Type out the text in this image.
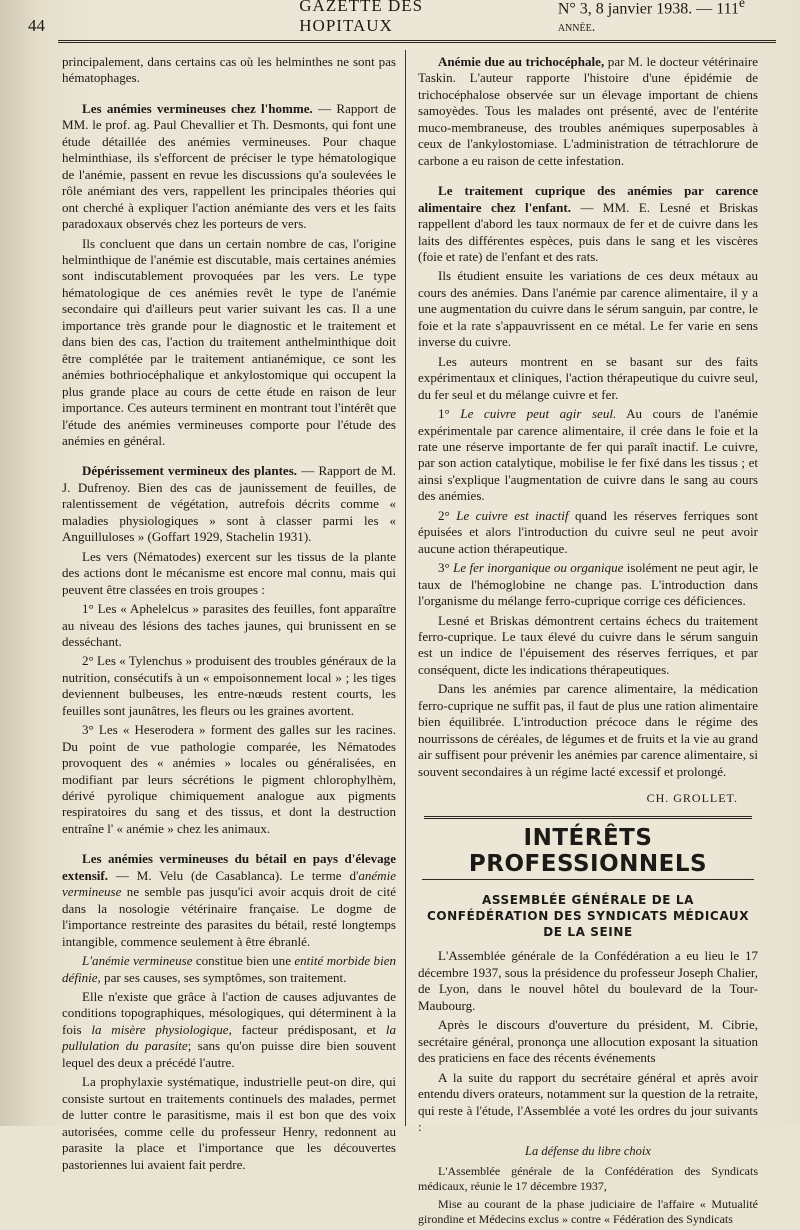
44
GAZETTE DES HOPITAUX
N° 3, 8 janvier 1938. — 111e année.

principalement, dans certains cas où les helminthes ne sont pas hématophages.

Les anémies vermineuses chez l'homme. — Rapport de MM. le prof. ag. Paul Chevallier et Th. Desmonts, qui font une étude détaillée des anémies vermineuses. Pour chaque helminthiase, ils s'efforcent de préciser le type hématologique de l'anémie, passent en revue les discussions qu'a soulevées le rôle anémiant des vers, rappellent les principales théories qui ont cherché à expliquer l'action anémiante des vers et les faits paradoxaux observés chez les porteurs de vers.

Ils concluent que dans un certain nombre de cas, l'origine helminthique de l'anémie est discutable, mais certaines anémies sont indiscutablement provoquées par les vers. Le type hématologique de ces anémies revêt le type de l'anémie secondaire qui d'ailleurs peut varier suivant les cas. Il a une importance très grande pour le diagnostic et le traitement et dans bien des cas, l'action du traitement anthelminthique doit être complétée par le traitement antianémique, ce sont les anémies bothriocéphalique et ankylostomique qui occupent la plus grande place au cours de cette étude en raison de leur importance. Ces auteurs terminent en montrant tout l'intérêt que l'étude des anémies vermineuses comporte pour l'étude des anémies en général.

Dépérissement vermineux des plantes. — Rapport de M. J. Dufrenoy. Bien des cas de jaunissement de feuilles, de ralentissement de végétation, autrefois décrits comme « maladies physiologiques » sont à classer parmi les « Anguilluloses » (Goffart 1929, Stachelin 1931).

Les vers (Nématodes) exercent sur les tissus de la plante des actions dont le mécanisme est encore mal connu, mais qui peuvent être classées en trois groupes :

1° Les « Aphelelcus » parasites des feuilles, font apparaître au niveau des lésions des taches jaunes, qui brunissent en se desséchant.

2° Les « Tylenchus » produisent des troubles généraux de la nutrition, consécutifs à un « empoisonnement local » ; les tiges deviennent bulbeuses, les entre-nœuds restent courts, les feuilles sont jaunâtres, les fleurs ou les graines avortent.

3° Les « Heserodera » forment des galles sur les racines. Du point de vue pathologie comparée, les Nématodes provoquent des « anémies » locales ou généralisées, en modifiant par leurs sécrétions le pigment chlorophylhèm, dérivé pyrolique chimiquement analogue aux pigments respiratoires du sang et des tissus, et dont la destruction entraîne l' « anémie » chez les animaux.

Les anémies vermineuses du bétail en pays d'élevage extensif. — M. Velu (de Casablanca). Le terme d'anémie vermineuse ne semble pas jusqu'ici avoir acquis droit de cité dans la nosologie vétérinaire française. Le dogme de l'importance restreinte des parasites du bétail, resté longtemps intangible, commence seulement à être ébranlé.

L'anémie vermineuse constitue bien une entité morbide bien définie, par ses causes, ses symptômes, son traitement.

Elle n'existe que grâce à l'action de causes adjuvantes de conditions topographiques, mésologiques, qui déterminent à la fois la misère physiologique, facteur prédisposant, et la pullulation du parasite; sans qu'on puisse dire bien souvent lequel des deux a précédé l'autre.

La prophylaxie systématique, industrielle peut-on dire, qui consiste surtout en traitements continuels des malades, permet de lutter contre le parasitisme, mais il est bon que des voix autorisées, comme celle du professeur Henry, redonnent au parasite la place et l'importance que les découvertes pastoriennes lui avaient fait perdre.

Anémie due au trichocéphale, par M. le docteur vétérinaire Taskin. L'auteur rapporte l'histoire d'une épidémie de trichocéphalose observée sur un élevage important de chiens samoyèdes. Tous les malades ont présenté, avec de l'entérite muco-membraneuse, des troubles anémiques superposables à ceux de l'ankylostomiase. L'administration de tétrachlorure de carbone a eu raison de cette infestation.

Le traitement cuprique des anémies par carence alimentaire chez l'enfant. — MM. E. Lesné et Briskas rappellent d'abord les taux normaux de fer et de cuivre dans les laits des différentes espèces, puis dans le sang et les viscères (foie et rate) de l'enfant et des rats.

Ils étudient ensuite les variations de ces deux métaux au cours des anémies. Dans l'anémie par carence alimentaire, il y a une augmentation du cuivre dans le sérum sanguin, par contre, le foie et la rate s'appauvrissent en ce métal. Le fer varie en sens inverse du cuivre.

Les auteurs montrent en se basant sur des faits expérimentaux et cliniques, l'action thérapeutique du cuivre seul, du fer seul et du mélange cuivre et fer.

1° Le cuivre peut agir seul. Au cours de l'anémie expérimentale par carence alimentaire, il crée dans le foie et la rate une réserve importante de fer qui paraît inactif. Le cuivre, par son action catalytique, mobilise le fer fixé dans les tissus ; et ainsi s'explique l'augmentation de cuivre dans le sang au cours des anémies.

2° Le cuivre est inactif quand les réserves ferriques sont épuisées et alors l'introduction du cuivre seul ne peut avoir aucune action thérapeutique.

3° Le fer inorganique ou organique isolément ne peut agir, le taux de l'hémoglobine ne change pas. L'introduction dans l'organisme du mélange ferro-cuprique corrige ces déficiences.

Lesné et Briskas démontrent certains échecs du traitement ferro-cuprique. Le taux élevé du cuivre dans le sérum sanguin est un indice de l'épuisement des réserves ferriques, et par conséquent, dicte les indications thérapeutiques.

Dans les anémies par carence alimentaire, la médication ferro-cuprique ne suffit pas, il faut de plus une ration alimentaire bien équilibrée. L'introduction précoce dans le régime des nourrissons de céréales, de légumes et de fruits et la vie au grand air suffisent pour prévenir les anémies par carence alimentaire, si souvent secondaires à un régime lacté excessif et prolongé.

CH. GROLLET.
INTÉRÊTS PROFESSIONNELS
ASSEMBLÉE GÉNÉRALE DE LA
CONFÉDÉRATION DES SYNDICATS MÉDICAUX DE LA SEINE

L'Assemblée générale de la Confédération a eu lieu le 17 décembre 1937, sous la présidence du professeur Joseph Chalier, de Lyon, dans le nouvel hôtel du boulevard de la Tour-Maubourg.

Après le discours d'ouverture du président, M. Cibrie, secrétaire général, prononça une allocution exposant la situation des praticiens en face des récents événements

A la suite du rapport du secrétaire général et après avoir entendu divers orateurs, notamment sur la question de la retraite, qui reste à l'étude, l'Assemblée a voté les ordres du jour suivants :

La défense du libre choix

L'Assemblée générale de la Confédération des Syndicats médicaux, réunie le 17 décembre 1937,

Mise au courant de la phase judiciaire de l'affaire « Mutualité girondine et Médecins exclus » contre « Fédération des Syndicats
